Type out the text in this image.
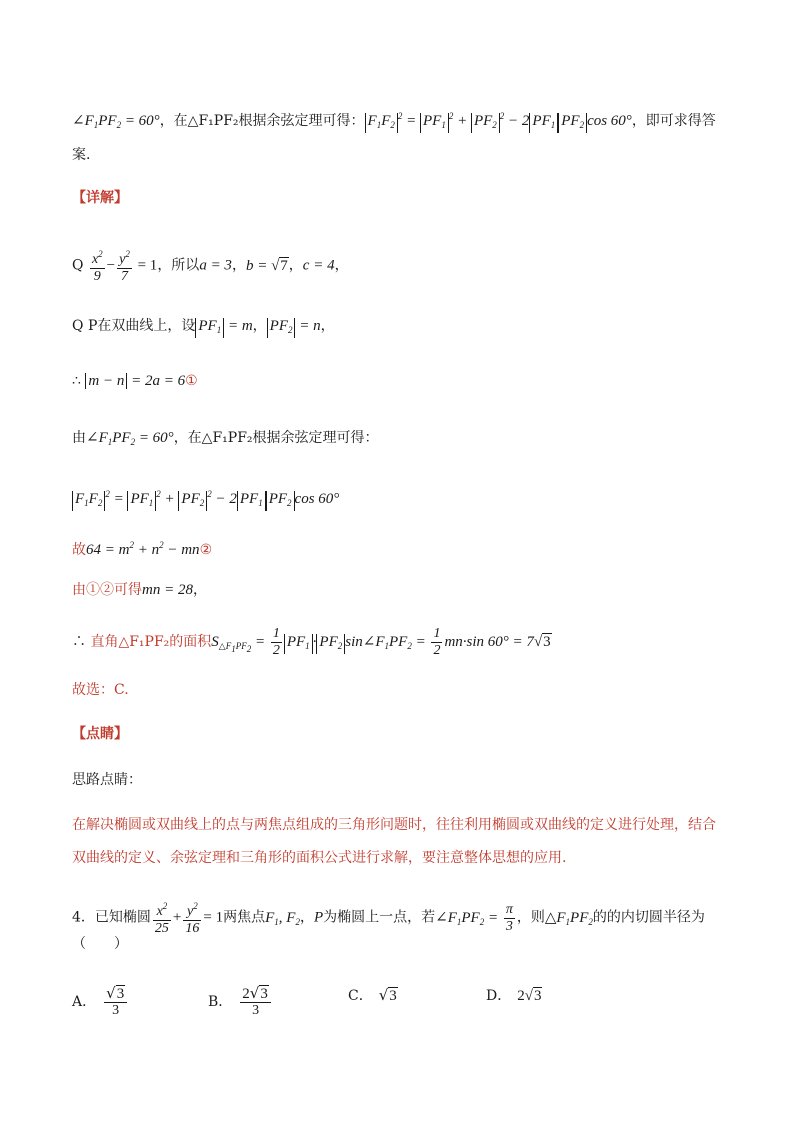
$\angle F_1PF_2 = 60^\circ$，在△F₁PF₂根据余弦定理可得： $F_1F_2^2 = PF_1^2 + PF_2^2 - 2$ $PF_1$ $PF_2$ cos 60°，即可求得答
案.
【详解】
Q $\frac{x^2}{9} - \frac{y^2}{7} = 1$，所以a = 3，b = √7，c = 4，
Q P在双曲线上，设 $PF_1 = m$， $PF_2 = n$，
∴ m − n = 2a = 6①
由$\angle F_1PF_2 = 60^\circ$，在△F₁PF₂根据余弦定理可得：
$F_1F_2^2 = PF_1^2 + PF_2^2 - 2$ $PF_1$ $PF_2$ cos 60°
故$64 = m^2 + n^2$ − mn②
由①②可得mn = 28，
∴ 直角△F₁PF₂的面积$S_{\triangle F_1PF_2} = \frac{1}{2} PF_1 \cdot PF_2$ $\sin\angle F_1PF_2 = \frac{1}{2} mn\cdot\sin$ 60° = 7√3
故选：C.
【点睛】
思路点睛：
在解决椭圆或双曲线上的点与两焦点组成的三角形问题时，往往利用椭圆或双曲线的定义进行处理，结合
双曲线的定义、余弦定理和三角形的面积公式进行求解，要注意整体思想的应用.
4．已知椭圆 $\frac{x^2}{25} + \frac{y^2}{16} = 1$两焦点$F_1$, $F_2$，P为椭圆上一点，若$\angle F_1PF_2 = \frac{\pi}{3}$ ，则$\triangle F_1PF_2$的的内切圆半径为
（　　）
A． $\frac{√3}{3}$	B． $\frac{2√3}{3}$	C． √3	D． 2√3
